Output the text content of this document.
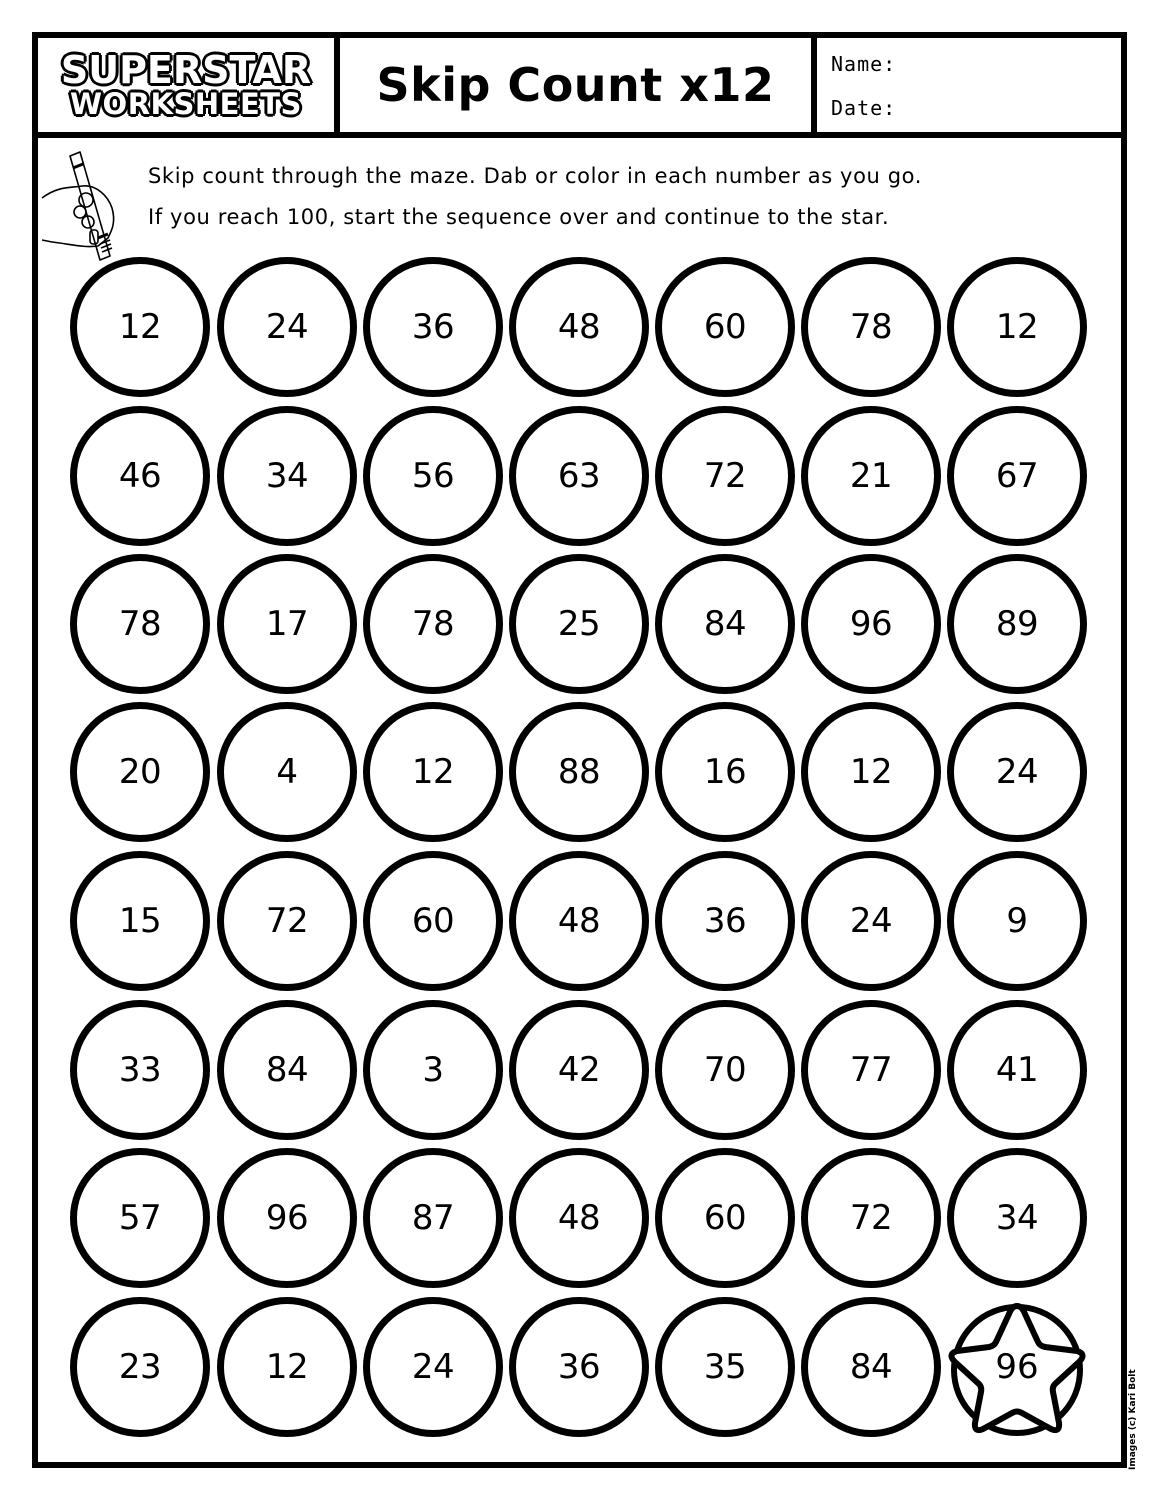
SUPERSTAR
WORKSHEETS Skip Count x12	Name:
Date:
Skip count through the maze. Dab or color in each number as you go.
If you reach 100, start the sequence over and continue to the star.
12	24	36	48	60	78	12
46	34	56	63	72	21	67
78	17	78	25	84	96	89
20	4	12	88	16	12	24
15	72	60	48	36	24	9
33	84	3	42	70	77	41
57	96	87	48	60	72	34
23	12	24	36	35	84	96
Images (c) Kari Bolt
